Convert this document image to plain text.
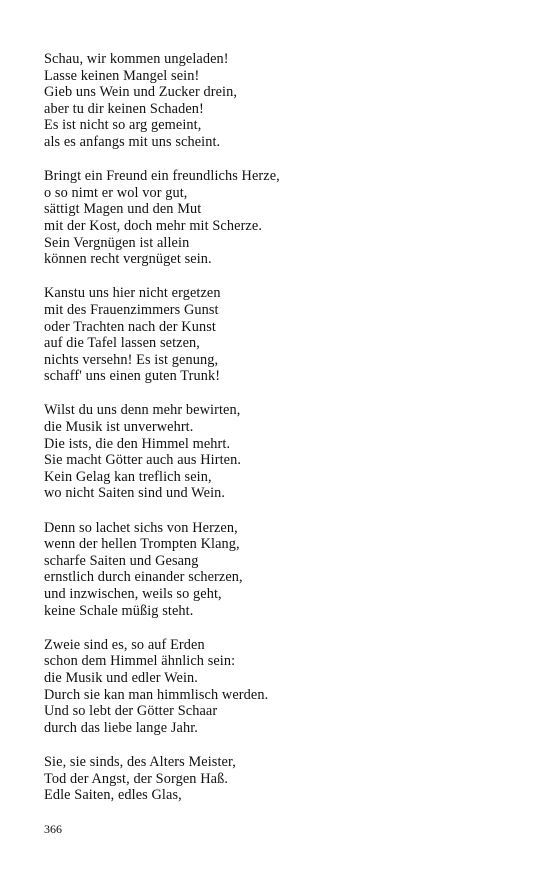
Schau, wir kommen ungeladen!
Lasse keinen Mangel sein!
Gieb uns Wein und Zucker drein,
aber tu dir keinen Schaden!
Es ist nicht so arg gemeint,
als es anfangs mit uns scheint.
Bringt ein Freund ein freundlichs Herze,
o so nimt er wol vor gut,
sättigt Magen und den Mut
mit der Kost, doch mehr mit Scherze.
Sein Vergnügen ist allein
können recht vergnüget sein.
Kanstu uns hier nicht ergetzen
mit des Frauenzimmers Gunst
oder Trachten nach der Kunst
auf die Tafel lassen setzen,
nichts versehn! Es ist genung,
schaff' uns einen guten Trunk!
Wilst du uns denn mehr bewirten,
die Musik ist unverwehrt.
Die ists, die den Himmel mehrt.
Sie macht Götter auch aus Hirten.
Kein Gelag kan treflich sein,
wo nicht Saiten sind und Wein.
Denn so lachet sichs von Herzen,
wenn der hellen Trompten Klang,
scharfe Saiten und Gesang
ernstlich durch einander scherzen,
und inzwischen, weils so geht,
keine Schale müßig steht.
Zweie sind es, so auf Erden
schon dem Himmel ähnlich sein:
die Musik und edler Wein.
Durch sie kan man himmlisch werden.
Und so lebt der Götter Schaar
durch das liebe lange Jahr.
Sie, sie sinds, des Alters Meister,
Tod der Angst, der Sorgen Haß.
Edle Saiten, edles Glas,
366
